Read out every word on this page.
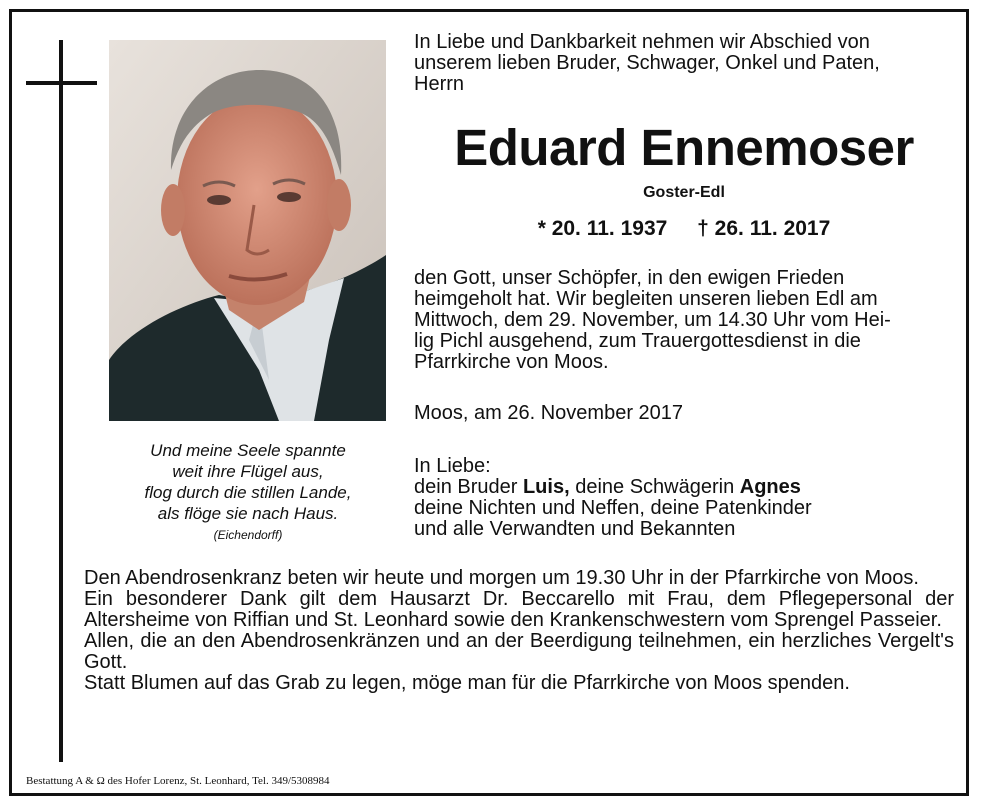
Und meine Seele spannte
weit ihre Flügel aus,
flog durch die stillen Lande,
als flöge sie nach Haus.
(Eichendorff)
In Liebe und Dankbarkeit nehmen wir Abschied von
unserem lieben Bruder, Schwager, Onkel und Paten,
Herrn
Eduard Ennemoser
Goster-Edl
* 20. 11. 1937 † 26. 11. 2017
den Gott, unser Schöpfer, in den ewigen Frieden
heimgeholt hat. Wir begleiten unseren lieben Edl am
Mittwoch, dem 29. November, um 14.30 Uhr vom Hei-
lig Pichl ausgehend, zum Trauergottesdienst in die
Pfarrkirche von Moos.
Moos, am 26. November 2017
In Liebe:
dein Bruder Luis, deine Schwägerin Agnes
deine Nichten und Neffen, deine Patenkinder
und alle Verwandten und Bekannten

Den Abendrosenkranz beten wir heute und morgen um 19.30 Uhr in der Pfarrkirche von Moos.

Ein besonderer Dank gilt dem Hausarzt Dr. Beccarello mit Frau, dem Pflegepersonal der Altersheime von Riffian und St. Leonhard sowie den Krankenschwestern vom Sprengel Passeier.

Allen, die an den Abendrosenkränzen und an der Beerdigung teilnehmen, ein herzliches Vergelt's Gott.

Statt Blumen auf das Grab zu legen, möge man für die Pfarrkirche von Moos spenden.

Bestattung A & Ω des Hofer Lorenz, St. Leonhard, Tel. 349/5308984
